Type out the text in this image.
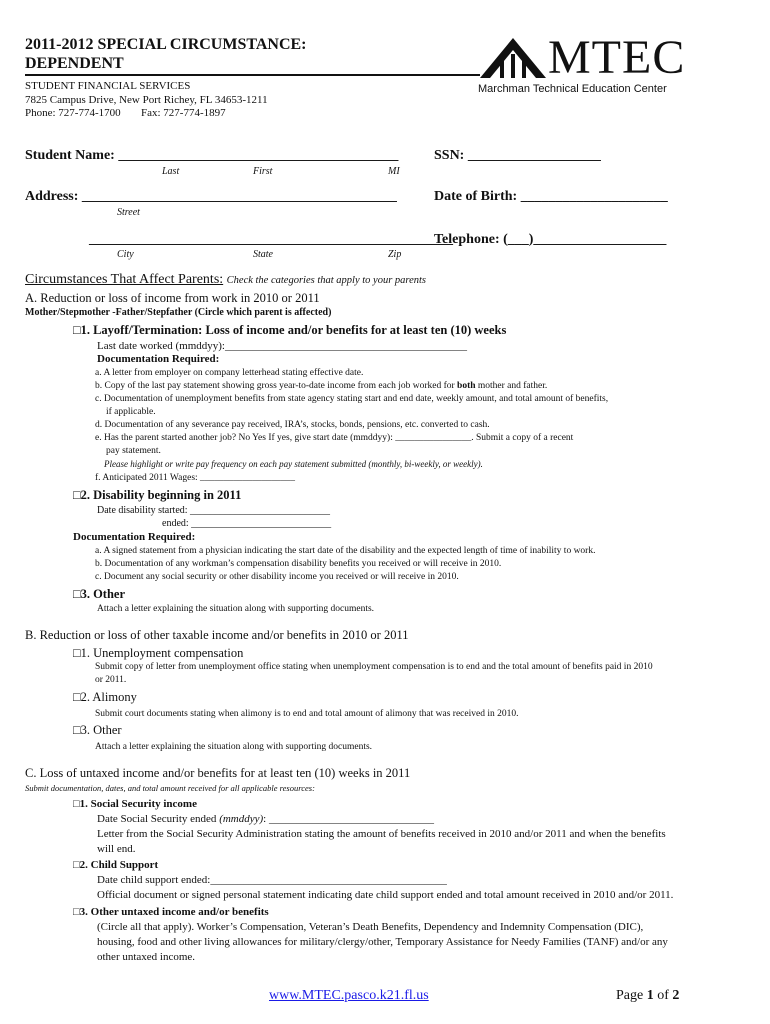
2011-2012 SPECIAL CIRCUMSTANCE:
DEPENDENT
STUDENT FINANCIAL SERVICES
7825 Campus Drive, New Port Richey, FL 34653-1211
Phone: 727-774-1700 Fax: 727-774-1897
MTEC
Marchman Technical Education Center
Student Name: ________________________________________
Last	First	MI
SSN: ___________________
Address: _____________________________________________
Street
Date of Birth: _____________________
____________________________________________________
City	State	Zip
Telephone: (___)___________________
Circumstances That Affect Parents: Check the categories that apply to your parents
A. Reduction or loss of income from work in 2010 or 2011
Mother/Stepmother -Father/Stepfather (Circle which parent is affected)
□ 1. Layoff/Termination: Loss of income and/or benefits for at least ten (10) weeks
Last date worked (mmddyy):____________________________________________
Documentation Required:
a. A letter from employer on company letterhead stating effective date.
b. Copy of the last pay statement showing gross year-to-date income from each job worked for both mother and father.
c. Documentation of unemployment benefits from state agency stating start and end date, weekly amount, and total amount of benefits,
if applicable.
d. Documentation of any severance pay received, IRA’s, stocks, bonds, pensions, etc. converted to cash.
e. Has the parent started another job? No Yes If yes, give start date (mmddyy): ________________. Submit a copy of a recent
pay statement.
Please highlight or write pay frequency on each pay statement submitted (monthly, bi-weekly, or weekly).
f. Anticipated 2011 Wages: ____________________
□ 2. Disability beginning in 2011
Date disability started: ____________________________
ended: ____________________________
Documentation Required:
a. A signed statement from a physician indicating the start date of the disability and the expected length of time of inability to work.
b. Documentation of any workman’s compensation disability benefits you received or will receive in 2010.
c. Document any social security or other disability income you received or will receive in 2010.
□ 3. Other
Attach a letter explaining the situation along with supporting documents.
B. Reduction or loss of other taxable income and/or benefits in 2010 or 2011
□ 1. Unemployment compensation
Submit copy of letter from unemployment office stating when unemployment compensation is to end and the total amount of benefits paid in 2010
or 2011.
□ 2. Alimony
Submit court documents stating when alimony is to end and total amount of alimony that was received in 2010.
□ 3. Other
Attach a letter explaining the situation along with supporting documents.
C. Loss of untaxed income and/or benefits for at least ten (10) weeks in 2011
Submit documentation, dates, and total amount received for all applicable resources:
□ 1. Social Security income
Date Social Security ended (mmddyy): ______________________________
Letter from the Social Security Administration stating the amount of benefits received in 2010 and/or 2011 and when the benefits
will end.
□ 2. Child Support
Date child support ended:___________________________________________
Official document or signed personal statement indicating date child support ended and total amount received in 2010 and/or 2011.
□ 3. Other untaxed income and/or benefits
(Circle all that apply). Worker’s Compensation, Veteran’s Death Benefits, Dependency and Indemnity Compensation (DIC),
housing, food and other living allowances for military/clergy/other, Temporary Assistance for Needy Families (TANF) and/or any
other untaxed income.
www.MTEC.pasco.k21.fl.us	Page 1 of 2
